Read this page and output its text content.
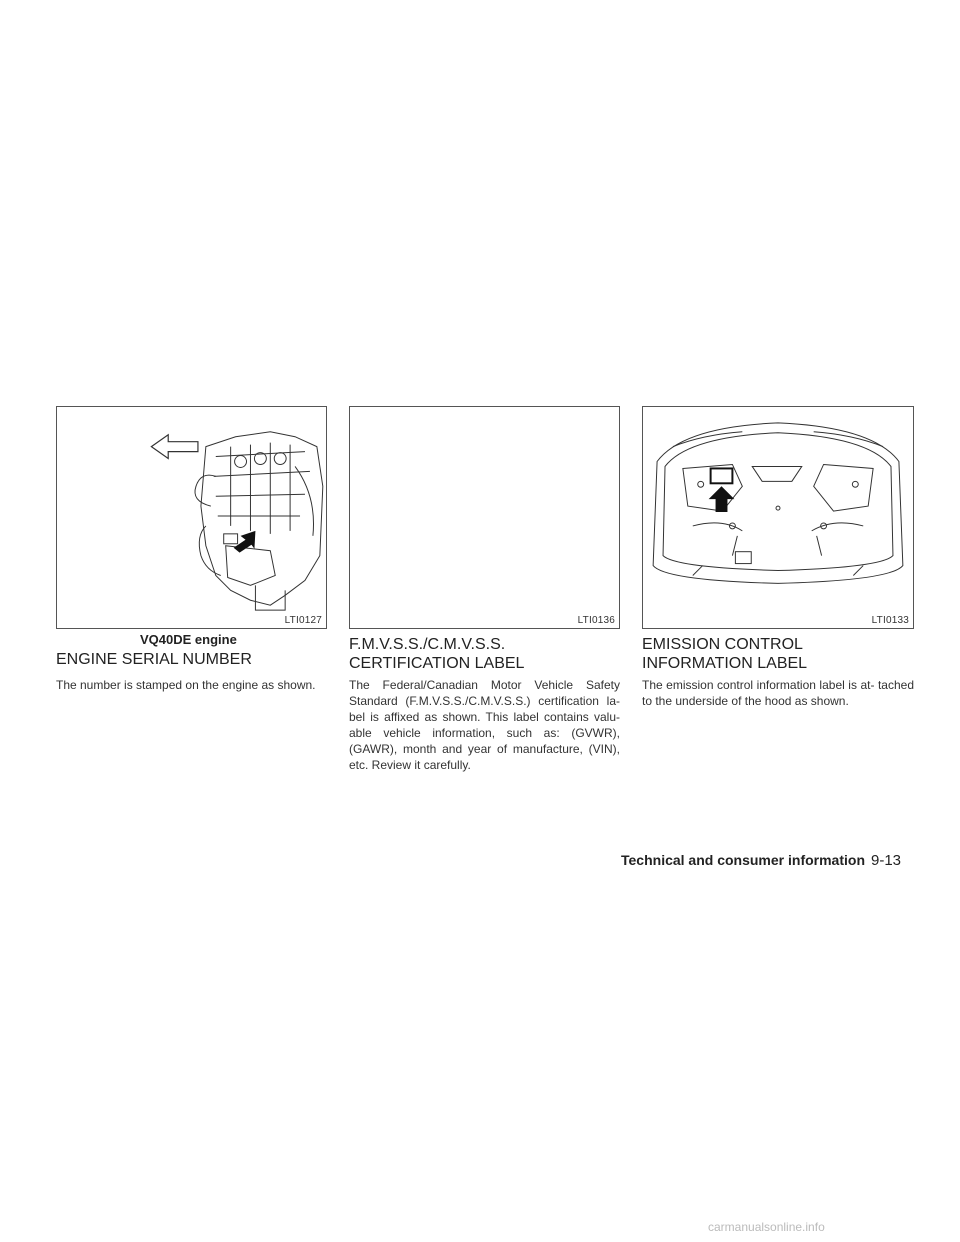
LTI0127
VQ40DE engine
LTI0136	LTI0133
ENGINE SERIAL NUMBER

The number is stamped on the engine as shown.

F.M.V.S.S./C.M.V.S.S.
CERTIFICATION LABEL

The Federal/Canadian Motor Vehicle Safety Standard (F.M.V.S.S./C.M.V.S.S.) certification la- bel is affixed as shown. This label contains valu- able vehicle information, such as: (GVWR), (GAWR), month and year of manufacture, (VIN), etc. Review it carefully.

EMISSION CONTROL
INFORMATION LABEL

The emission control information label is at- tached to the underside of the hood as shown.

Technical and consumer information 9-13
carmanualsonline.info
